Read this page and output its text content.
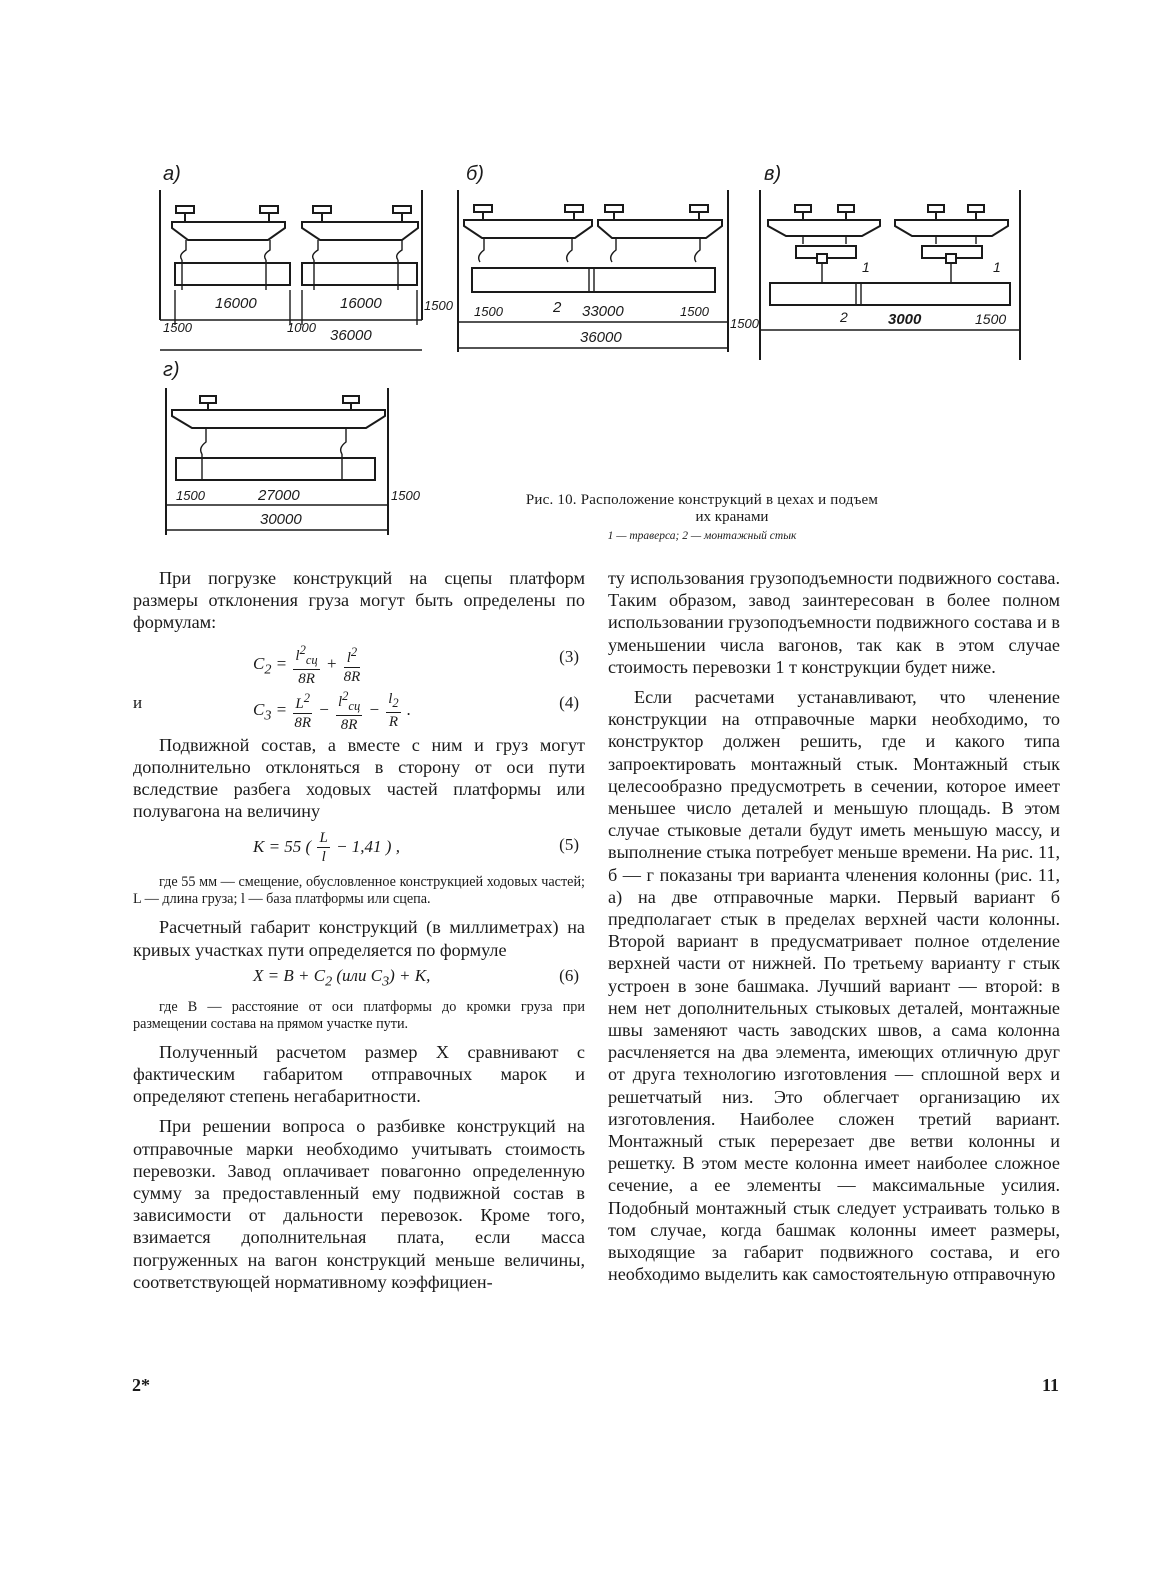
а)
16000	16000
1500	1000 36000
1500
б)
1500	2 33000	1500
36000
1500
в)
1	1
2	3000	1500
г)
1500	27000	1500
30000
Рис. 10. Расположение конструкций в цехах и подъем
их кранами
1 — траверса; 2 — монтажный стык

При погрузке конструкций на сцепы платформ размеры отклонения груза могут быть определены по формулам:

$C_2 = \frac{l^2_{сц}}{8R} + \frac{l^2}{8R}$	(3)
и	$C_3 = \frac{L^2}{8R} - \frac{l^2_{сц}}{8R} - \frac{l_2}{R}$ .	(4)

Подвижной состав, а вместе с ним и груз могут дополнительно отклоняться в сторону от оси пути вследствие разбега ходовых частей платформы или полувагона на величину

K = 55 ( $\frac{L}{l} - 1,41$ ) ,	(5)

где 55 мм — смещение, обусловленное конструкцией ходовых частей; L — длина груза; l — база платформы или сцепа.

Расчетный габарит конструкций (в миллиметрах) на кривых участках пути определяется по формуле

$X = B + C_2$ (или $C_3) + K$,	(6)

где B — расстояние от оси платформы до кромки груза при размещении состава на прямом участке пути.

Полученный расчетом размер X сравнивают с фактическим габаритом отправочных марок и определяют степень негабаритности.

При решении вопроса о разбивке конструкций на отправочные марки необходимо учитывать стоимость перевозки. Завод оплачивает повагонно определенную сумму за предоставленный ему подвижной состав в зависимости от дальности перевозок. Кроме того, взимается дополнительная плата, если масса погруженных на вагон конструкций меньше величины, соответствующей нормативному коэффициен-

ту использования грузоподъемности подвижного состава. Таким образом, завод заинтересован в более полном использовании грузоподъемности подвижного состава и в уменьшении числа вагонов, так как в этом случае стоимость перевозки 1 т конструкции будет ниже.

Если расчетами устанавливают, что членение конструкции на отправочные марки необходимо, то конструктор должен решить, где и какого типа запроектировать монтажный стык. Монтажный стык целесообразно предусмотреть в сечении, которое имеет меньшее число деталей и меньшую площадь. В этом случае стыковые детали будут иметь меньшую массу, и выполнение стыка потребует меньше времени. На рис. 11, б — г показаны три варианта членения колонны (рис. 11, а) на две отправочные марки. Первый вариант б предполагает стык в пределах верхней части колонны. Второй вариант в предусматривает полное отделение верхней части от нижней. По третьему варианту г стык устроен в зоне башмака. Лучший вариант — второй: в нем нет дополнительных стыковых деталей, монтажные швы заменяют часть заводских швов, а сама колонна расчленяется на два элемента, имеющих отличную друг от друга технологию изготовления — сплошной верх и решетчатый низ. Это облегчает организацию их изготовления. Наиболее сложен третий вариант. Монтажный стык перерезает две ветви колонны и решетку. В этом месте колонна имеет наиболее сложное сечение, а ее элементы — максимальные усилия. Подобный монтажный стык следует устраивать только в том случае, когда башмак колонны имеет размеры, выходящие за габарит подвижного состава, и его необходимо выделить как самостоятельную отправочную

2*	11
